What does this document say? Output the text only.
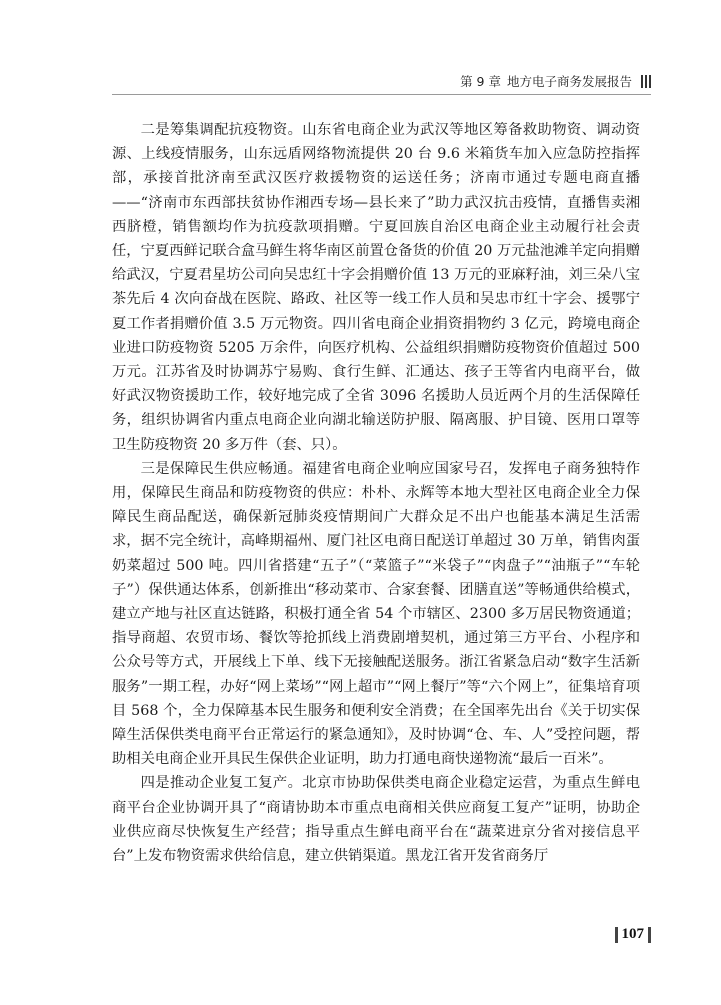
第 9 章 地方电子商务发展报告

二是筹集调配抗疫物资。山东省电商企业为武汉等地区筹备救助物资、调动资源、上线疫情服务，山东远盾网络物流提供 20 台 9.6 米箱货车加入应急防控指挥部，承接首批济南至武汉医疗救援物资的运送任务；济南市通过专题电商直播——“济南市东西部扶贫协作湘西专场—县长来了”助力武汉抗击疫情，直播售卖湘西脐橙，销售额均作为抗疫款项捐赠。宁夏回族自治区电商企业主动履行社会责任，宁夏西鲜记联合盒马鲜生将华南区前置仓备货的价值 20 万元盐池滩羊定向捐赠给武汉，宁夏君星坊公司向吴忠红十字会捐赠价值 13 万元的亚麻籽油，刘三朵八宝茶先后 4 次向奋战在医院、路政、社区等一线工作人员和吴忠市红十字会、援鄂宁夏工作者捐赠价值 3.5 万元物资。四川省电商企业捐资捐物约 3 亿元，跨境电商企业进口防疫物资 5205 万余件，向医疗机构、公益组织捐赠防疫物资价值超过 500 万元。江苏省及时协调苏宁易购、食行生鲜、汇通达、孩子王等省内电商平台，做好武汉物资援助工作，较好地完成了全省 3096 名援助人员近两个月的生活保障任务，组织协调省内重点电商企业向湖北输送防护服、隔离服、护目镜、医用口罩等卫生防疫物资 20 多万件（套、只）。

三是保障民生供应畅通。福建省电商企业响应国家号召，发挥电子商务独特作用，保障民生商品和防疫物资的供应：朴朴、永辉等本地大型社区电商企业全力保障民生商品配送，确保新冠肺炎疫情期间广大群众足不出户也能基本满足生活需求，据不完全统计，高峰期福州、厦门社区电商日配送订单超过 30 万单，销售肉蛋奶菜超过 500 吨。四川省搭建“五子”（“菜篮子”“米袋子”“肉盘子”“油瓶子”“车轮子”）保供通达体系，创新推出“移动菜市、合家套餐、团膳直送”等畅通供给模式，建立产地与社区直达链路，积极打通全省 54 个市辖区、2300 多万居民物资通道；指导商超、农贸市场、餐饮等抢抓线上消费剧增契机，通过第三方平台、小程序和公众号等方式，开展线上下单、线下无接触配送服务。浙江省紧急启动“数字生活新服务”一期工程，办好“网上菜场”“网上超市”“网上餐厅”等“六个网上”，征集培育项目 568 个，全力保障基本民生服务和便利安全消费；在全国率先出台《关于切实保障生活保供类电商平台正常运行的紧急通知》，及时协调“仓、车、人”受控问题，帮助相关电商企业开具民生保供企业证明，助力打通电商快递物流“最后一百米”。

四是推动企业复工复产。北京市协助保供类电商企业稳定运营，为重点生鲜电商平台企业协调开具了“商请协助本市重点电商相关供应商复工复产”证明，协助企业供应商尽快恢复生产经营；指导重点生鲜电商平台在“蔬菜进京分省对接信息平台”上发布物资需求供给信息，建立供销渠道。黑龙江省开发省商务厅

107
